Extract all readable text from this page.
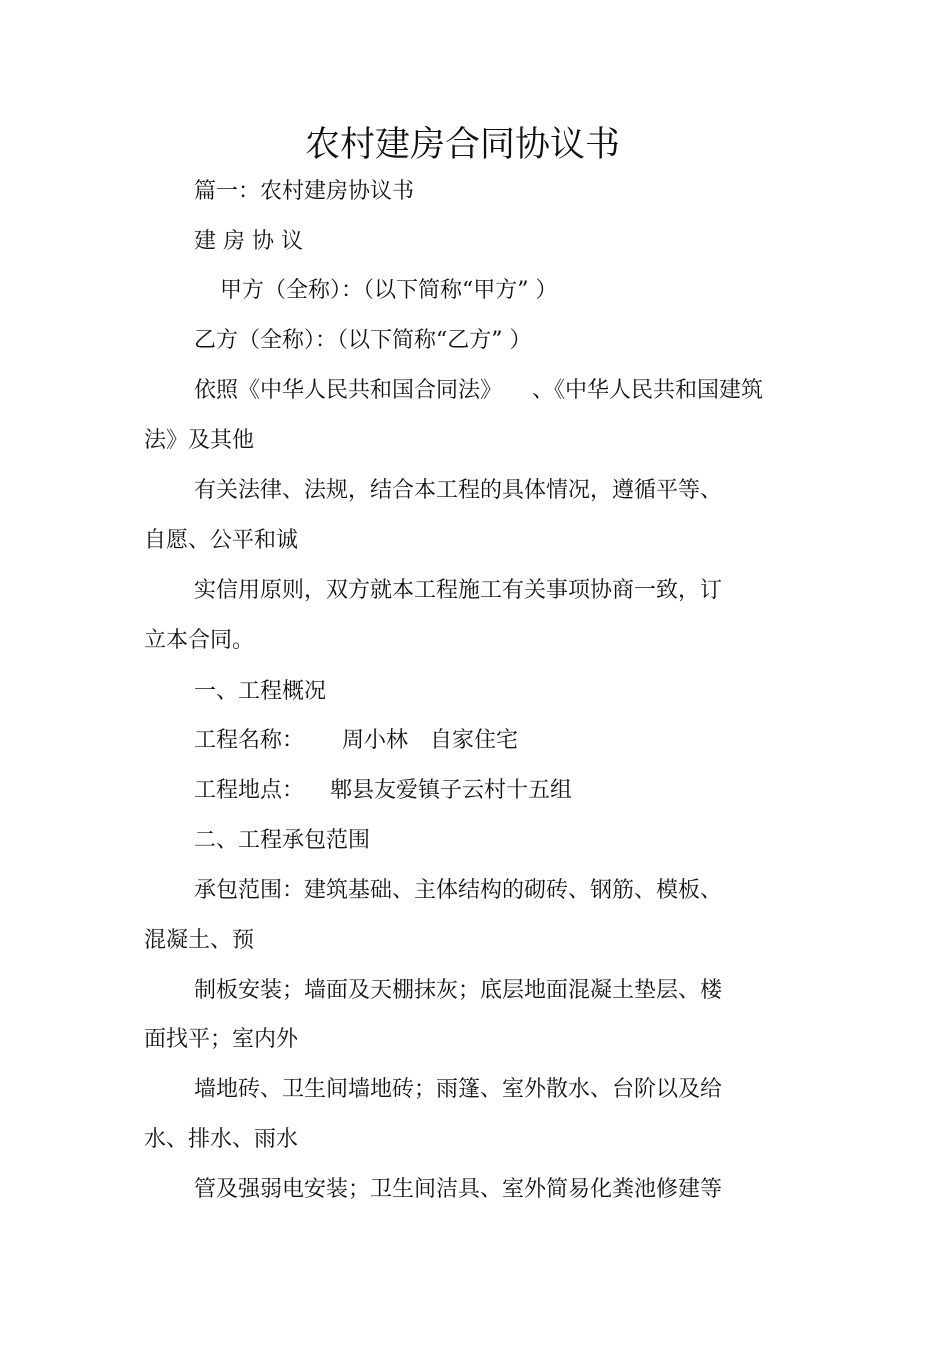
农村建房合同协议书
篇一：农村建房协议书
建 房 协 议
甲方（全称）：（以下简称“甲方” ）
乙方（全称）：（以下简称“乙方” ）
依照《中华人民共和国合同法》 、《中华人民共和国建筑
法》及其他
有关法律、法规，结合本工程的具体情况，遵循平等、
自愿、公平和诚
实信用原则，双方就本工程施工有关事项协商一致，订
立本合同。
一、工程概况
工程名称： 周小林　自家住宅
工程地点： 郫县友爱镇子云村十五组
二、工程承包范围
承包范围：建筑基础、主体结构的砌砖、钢筋、模板、
混凝土、预
制板安装；墙面及天棚抹灰；底层地面混凝土垫层、楼
面找平；室内外
墙地砖、卫生间墙地砖；雨篷、室外散水、台阶以及给
水、排水、雨水
管及强弱电安装；卫生间洁具、室外简易化粪池修建等
